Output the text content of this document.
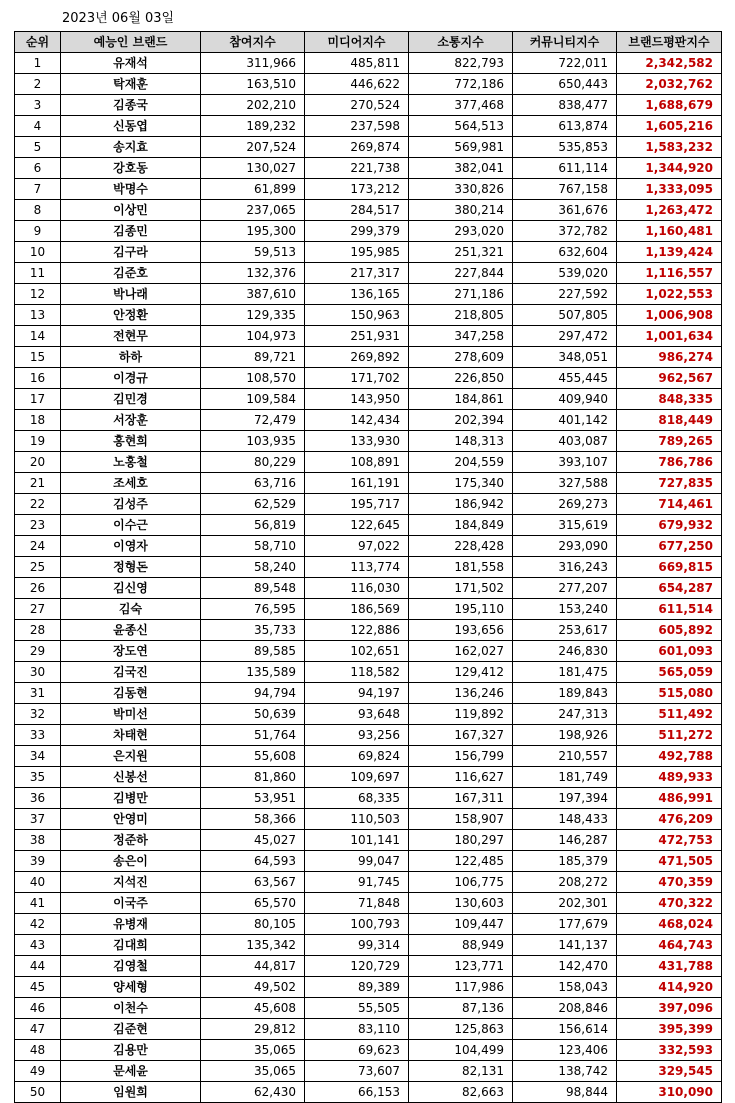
2023년 06월 03일
순위	예능인 브랜드	참여지수	미디어지수	소통지수	커뮤니티지수	브랜드평판지수
1	유재석	311,966	485,811	822,793	722,011	2,342,582
2	탁재훈	163,510	446,622	772,186	650,443	2,032,762
3	김종국	202,210	270,524	377,468	838,477	1,688,679
4	신동엽	189,232	237,598	564,513	613,874	1,605,216
5	송지효	207,524	269,874	569,981	535,853	1,583,232
6	강호동	130,027	221,738	382,041	611,114	1,344,920
7	박명수	61,899	173,212	330,826	767,158	1,333,095
8	이상민	237,065	284,517	380,214	361,676	1,263,472
9	김종민	195,300	299,379	293,020	372,782	1,160,481
10	김구라	59,513	195,985	251,321	632,604	1,139,424
11	김준호	132,376	217,317	227,844	539,020	1,116,557
12	박나래	387,610	136,165	271,186	227,592	1,022,553
13	안정환	129,335	150,963	218,805	507,805	1,006,908
14	전현무	104,973	251,931	347,258	297,472	1,001,634
15	하하	89,721	269,892	278,609	348,051	986,274
16	이경규	108,570	171,702	226,850	455,445	962,567
17	김민경	109,584	143,950	184,861	409,940	848,335
18	서장훈	72,479	142,434	202,394	401,142	818,449
19	홍현희	103,935	133,930	148,313	403,087	789,265
20	노홍철	80,229	108,891	204,559	393,107	786,786
21	조세호	63,716	161,191	175,340	327,588	727,835
22	김성주	62,529	195,717	186,942	269,273	714,461
23	이수근	56,819	122,645	184,849	315,619	679,932
24	이영자	58,710	97,022	228,428	293,090	677,250
25	정형돈	58,240	113,774	181,558	316,243	669,815
26	김신영	89,548	116,030	171,502	277,207	654,287
27	김숙	76,595	186,569	195,110	153,240	611,514
28	윤종신	35,733	122,886	193,656	253,617	605,892
29	장도연	89,585	102,651	162,027	246,830	601,093
30	김국진	135,589	118,582	129,412	181,475	565,059
31	김동현	94,794	94,197	136,246	189,843	515,080
32	박미선	50,639	93,648	119,892	247,313	511,492
33	차태현	51,764	93,256	167,327	198,926	511,272
34	은지원	55,608	69,824	156,799	210,557	492,788
35	신봉선	81,860	109,697	116,627	181,749	489,933
36	김병만	53,951	68,335	167,311	197,394	486,991
37	안영미	58,366	110,503	158,907	148,433	476,209
38	정준하	45,027	101,141	180,297	146,287	472,753
39	송은이	64,593	99,047	122,485	185,379	471,505
40	지석진	63,567	91,745	106,775	208,272	470,359
41	이국주	65,570	71,848	130,603	202,301	470,322
42	유병재	80,105	100,793	109,447	177,679	468,024
43	김대희	135,342	99,314	88,949	141,137	464,743
44	김영철	44,817	120,729	123,771	142,470	431,788
45	양세형	49,502	89,389	117,986	158,043	414,920
46	이천수	45,608	55,505	87,136	208,846	397,096
47	김준현	29,812	83,110	125,863	156,614	395,399
48	김용만	35,065	69,623	104,499	123,406	332,593
49	문세윤	35,065	73,607	82,131	138,742	329,545
50	임원희	62,430	66,153	82,663	98,844	310,090
